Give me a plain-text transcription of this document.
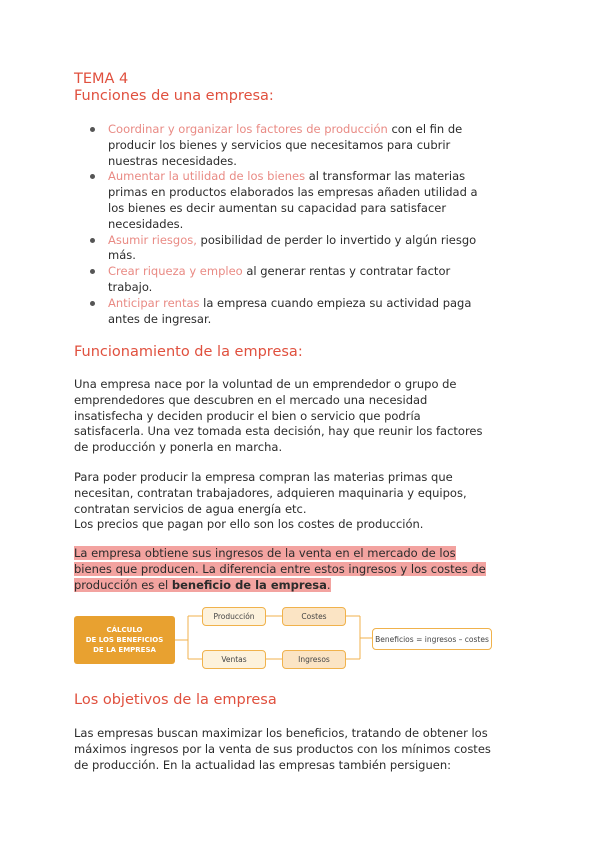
TEMA 4
Funciones de una empresa:
Coordinar y organizar los factores de producción con el fin de
producir los bienes y servicios que necesitamos para cubrir
nuestras necesidades.
Aumentar la utilidad de los bienes al transformar las materias
primas en productos elaborados las empresas añaden utilidad a
los bienes es decir aumentan su capacidad para satisfacer
necesidades.
Asumir riesgos, posibilidad de perder lo invertido y algún riesgo
más.
Crear riqueza y empleo al generar rentas y contratar factor
trabajo.
Anticipar rentas la empresa cuando empieza su actividad paga
antes de ingresar.
Funcionamiento de la empresa:
Una empresa nace por la voluntad de un emprendedor o grupo de
emprendedores que descubren en el mercado una necesidad
insatisfecha y deciden producir el bien o servicio que podría
satisfacerla. Una vez tomada esta decisión, hay que reunir los factores
de producción y ponerla en marcha.
Para poder producir la empresa compran las materias primas que
necesitan, contratan trabajadores, adquieren maquinaria y equipos,
contratan servicios de agua energía etc.
Los precios que pagan por ello son los costes de producción.
La empresa obtiene sus ingresos de la venta en el mercado de los
bienes que producen. La diferencia entre estos ingresos y los costes de
producción es el beneficio de la empresa.
CÁLCULO
DE LOS BENEFICIOS
DE LA EMPRESA
Producción	Costes
Ventas	Ingresos
Beneficios = ingresos – costes
Los objetivos de la empresa
Las empresas buscan maximizar los beneficios, tratando de obtener los
máximos ingresos por la venta de sus productos con los mínimos costes
de producción. En la actualidad las empresas también persiguen:
